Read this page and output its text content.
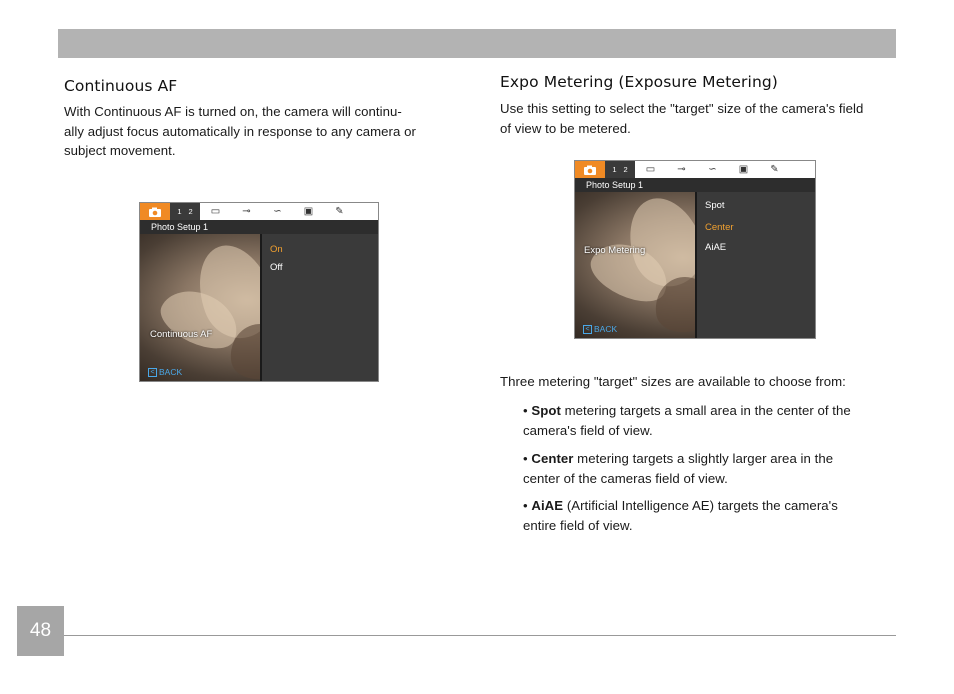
Continuous AF
With Continuous AF is turned on, the camera will continu-
ally adjust focus automatically in response to any camera or
subject movement.
1 2	▭	⊸	∽	▣	✎
Photo Setup 1
On
Off
Continuous AF
< BACK
Expo Metering (Exposure Metering)
Use this setting to select the "target" size of the camera's field
of view to be metered.
1 2	▭	⊸	∽	▣	✎
Photo Setup 1
Spot
Center
AiAE
Expo Metering
< BACK
Three metering "target" sizes are available to choose from:
• Spot metering targets a small area in the center of the
camera's field of view.
• Center metering targets a slightly larger area in the
center of the cameras field of view.
• AiAE (Artificial Intelligence AE) targets the camera's
entire field of view.
48
